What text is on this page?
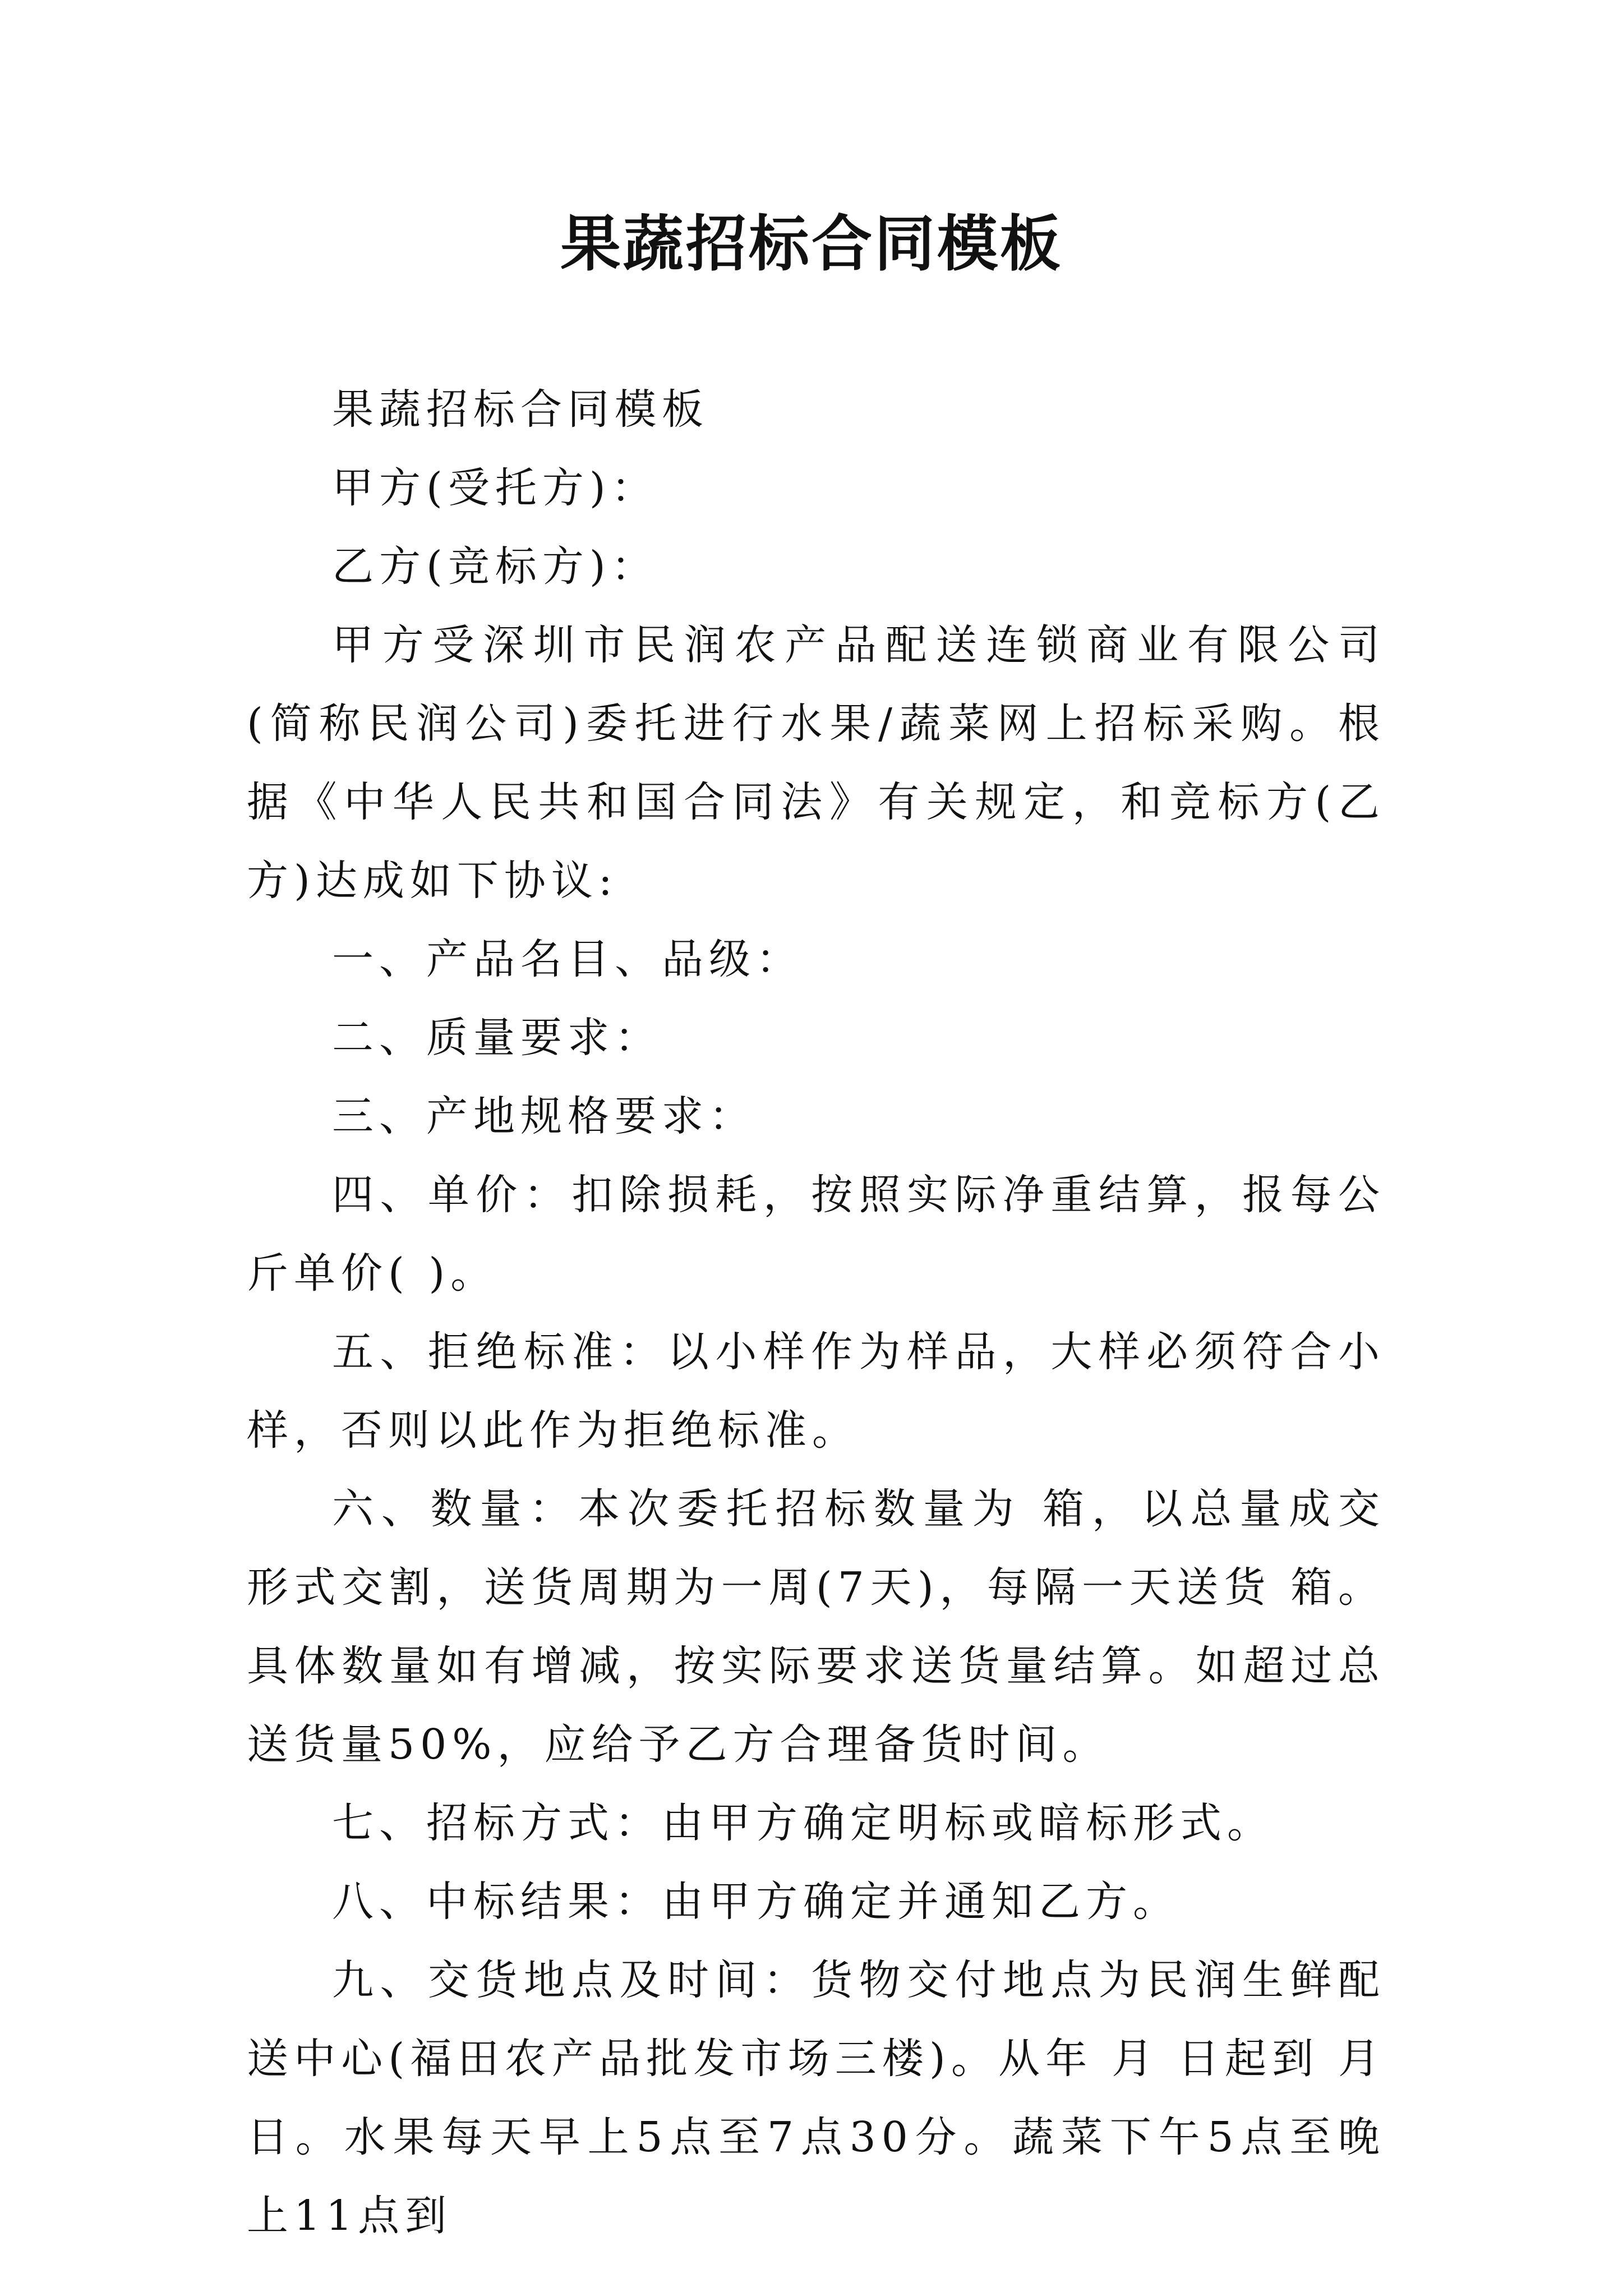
果蔬招标合同模板

果蔬招标合同模板

甲方(受托方)：

乙方(竞标方)：

甲方受深圳市民润农产品配送连锁商业有限公司(简称民润公司)委托进行水果/蔬菜网上招标采购。根据《中华人民共和国合同法》有关规定，和竞标方(乙方)达成如下协议:

一、产品名目、品级：

二、质量要求：

三、产地规格要求：

四、单价：扣除损耗，按照实际净重结算，报每公斤单价( )。

五、拒绝标准：以小样作为样品，大样必须符合小样，否则以此作为拒绝标准。

六、数量：本次委托招标数量为 箱，以总量成交形式交割，送货周期为一周(7天)，每隔一天送货 箱。具体数量如有增减，按实际要求送货量结算。如超过总送货量50%，应给予乙方合理备货时间。

七、招标方式：由甲方确定明标或暗标形式。

八、中标结果：由甲方确定并通知乙方。

九、交货地点及时间：货物交付地点为民润生鲜配送中心(福田农产品批发市场三楼)。从年 月 日起到 月 日。水果每天早上5点至7点30分。蔬菜下午5点至晚上11点到
